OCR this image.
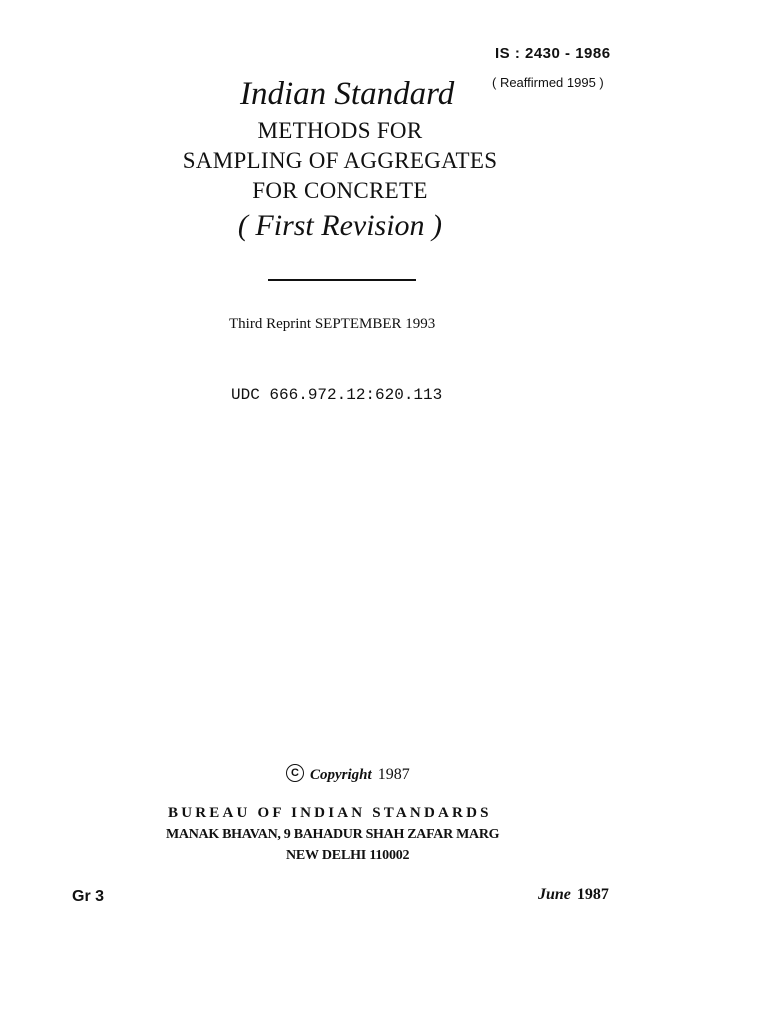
IS : 2430 - 1986
( Reaffirmed 1995 )
Indian Standard
METHODS FOR
SAMPLING OF AGGREGATES
FOR CONCRETE
( First Revision )
Third Reprint SEPTEMBER 1993
UDC 666.972.12:620.113
C Copyright 1987
BUREAU OF INDIAN STANDARDS
MANAK BHAVAN, 9 BAHADUR SHAH ZAFAR MARG
NEW DELHI 110002
Gr 3	June 1987
